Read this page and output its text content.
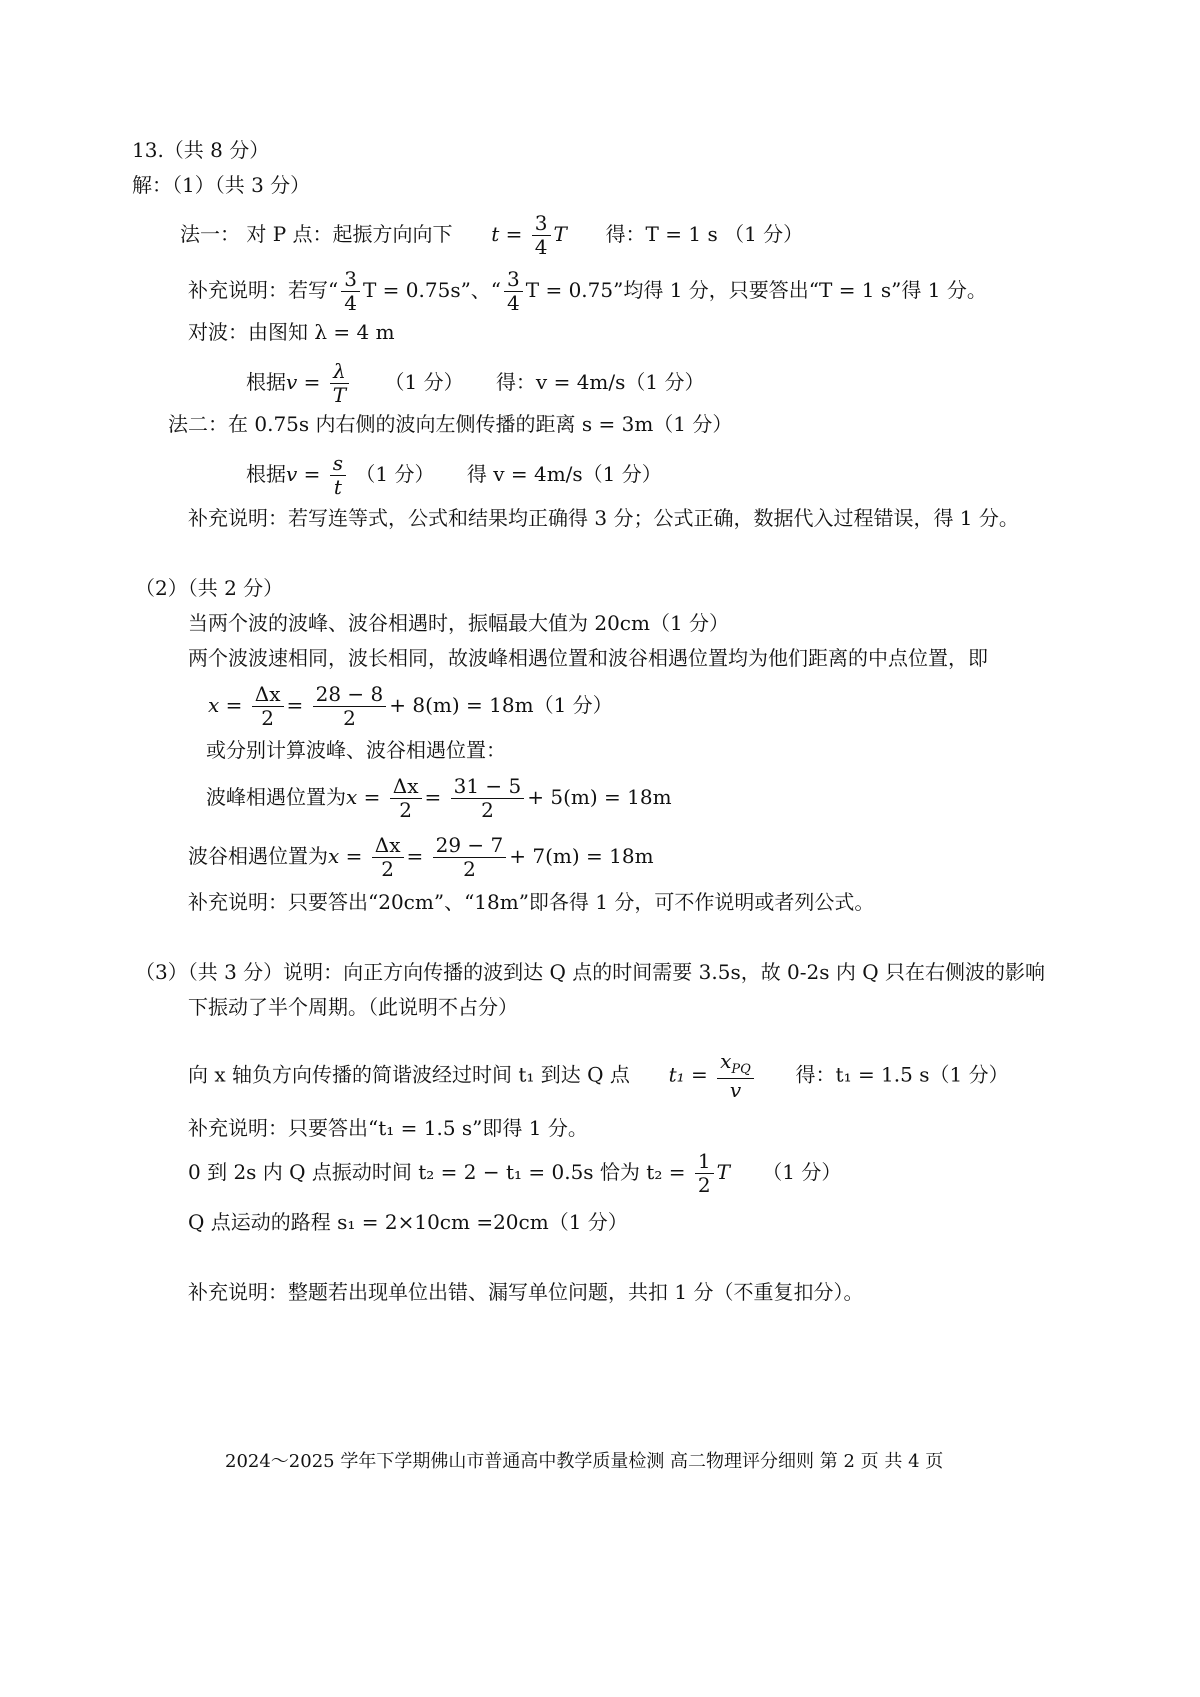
13.（共 8 分）
解：（1）（共 3 分）
法一： 对 P 点：起振方向向下 $t = \frac{3}{4}$ T 得：T = 1 s （1 分）
补充说明：若写“ $\frac{3}{4}$ T = 0.75s”、“ $\frac{3}{4}$ T = 0.75”均得 1 分，只要答出“T = 1 s”得 1 分。
对波：由图知 λ = 4 m
根据$v = \frac{\lambda}{T} (1$ 分） 得：v = 4m/s（1 分）
法二：在 0.75s 内右侧的波向左侧传播的距离 s = 3m（1 分）
根据$v = \frac{s}{t} (1$ 分） 得 v = 4m/s（1 分）
补充说明：若写连等式，公式和结果均正确得 3 分；公式正确，数据代入过程错误，得 1 分。
（2）（共 2 分）
当两个波的波峰、波谷相遇时，振幅最大值为 20cm（1 分）
两个波波速相同，波长相同，故波峰相遇位置和波谷相遇位置均为他们距离的中点位置，即
$x = \frac{\Delta x}{2} = \frac{28 - 8}{2} + 8(m) = 18m(1$ 分）
或分别计算波峰、波谷相遇位置：
波峰相遇位置为$x = \frac{\Delta x}{2} = \frac{31 - 5}{2} + 5(m) = 18m$
波谷相遇位置为$x = \frac{\Delta x}{2} = \frac{29 - 7}{2} + 7(m) = 18m$
补充说明：只要答出“20cm”、“18m”即各得 1 分，可不作说明或者列公式。
（3）（共 3 分）说明：向正方向传播的波到达 Q 点的时间需要 3.5s，故 0-2s 内 Q 只在右侧波的影响
下振动了半个周期。（此说明不占分）
向 x 轴负方向传播的简谐波经过时间 t₁ 到达 Q 点 $t_1 = \frac{x_{PQ}}{v}$ 得：t₁ = 1.5 s（1 分）
补充说明：只要答出“t₁ = 1.5 s”即得 1 分。
0 到 2s 内 Q 点振动时间 t₂ = 2 − t₁ = 0.5s 恰为 $t_2 = \frac{1}{2}$ T （1 分）
Q 点运动的路程 s₁ = 2×10cm =20cm（1 分）
补充说明：整题若出现单位出错、漏写单位问题，共扣 1 分（不重复扣分）。
2024～2025 学年下学期佛山市普通高中教学质量检测 高二物理评分细则 第 2 页 共 4 页
